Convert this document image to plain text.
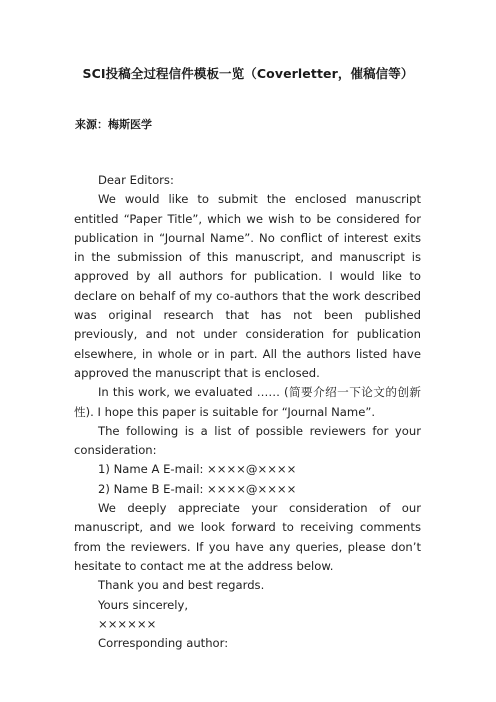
SCI投稿全过程信件模板一览（Coverletter，催稿信等）
来源：梅斯医学

Dear Editors:

We would like to submit the enclosed manuscript entitled “Paper Title”, which we wish to be considered for publication in “Journal Name”. No conflict of interest exits in the submission of this manuscript, and manuscript is approved by all authors for publication. I would like to declare on behalf of my co-authors that the work described was original research that has not been published previously, and not under consideration for publication elsewhere, in whole or in part. All the authors listed have approved the manuscript that is enclosed.

In this work, we evaluated …… (简要介绍一下论文的创新性). I hope this paper is suitable for “Journal Name”.

The following is a list of possible reviewers for your consideration:

1) Name A E-mail: ××××@××××

2) Name B E-mail: ××××@××××

We deeply appreciate your consideration of our manuscript, and we look forward to receiving comments from the reviewers. If you have any queries, please don’t hesitate to contact me at the address below.

Thank you and best regards.

Yours sincerely,

××××××

Corresponding author:
